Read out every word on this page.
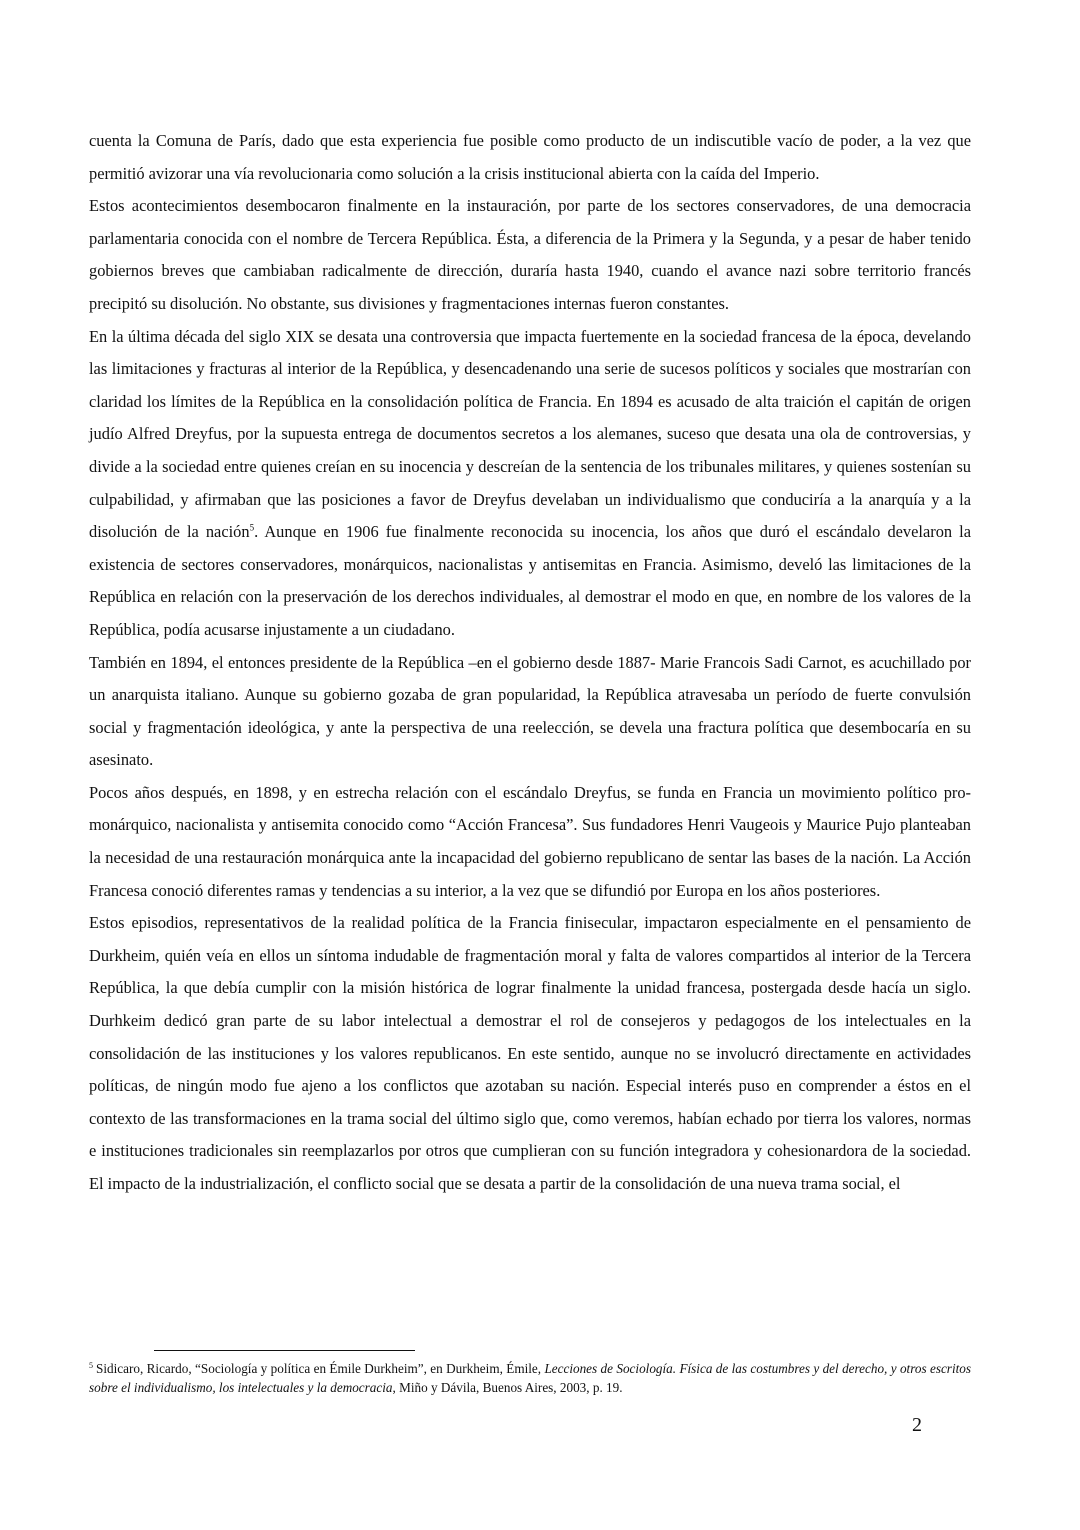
cuenta la Comuna de París, dado que esta experiencia fue posible como producto de un indiscutible vacío de poder, a la vez que permitió avizorar una vía revolucionaria como solución a la crisis institucional abierta con la caída del Imperio.

Estos acontecimientos desembocaron finalmente en la instauración, por parte de los sectores conservadores, de una democracia parlamentaria conocida con el nombre de Tercera República. Ésta, a diferencia de la Primera y la Segunda, y a pesar de haber tenido gobiernos breves que cambiaban radicalmente de dirección, duraría hasta 1940, cuando el avance nazi sobre territorio francés precipitó su disolución. No obstante, sus divisiones y fragmentaciones internas fueron constantes.

En la última década del siglo XIX se desata una controversia que impacta fuertemente en la sociedad francesa de la época, develando las limitaciones y fracturas al interior de la República, y desencadenando una serie de sucesos políticos y sociales que mostrarían con claridad los límites de la República en la consolidación política de Francia. En 1894 es acusado de alta traición el capitán de origen judío Alfred Dreyfus, por la supuesta entrega de documentos secretos a los alemanes, suceso que desata una ola de controversias, y divide a la sociedad entre quienes creían en su inocencia y descreían de la sentencia de los tribunales militares, y quienes sostenían su culpabilidad, y afirmaban que las posiciones a favor de Dreyfus develaban un individualismo que conduciría a la anarquía y a la disolución de la nación$^5$. Aunque en 1906 fue finalmente reconocida su inocencia, los años que duró el escándalo develaron la existencia de sectores conservadores, monárquicos, nacionalistas y antisemitas en Francia. Asimismo, develó las limitaciones de la República en relación con la preservación de los derechos individuales, al demostrar el modo en que, en nombre de los valores de la República, podía acusarse injustamente a un ciudadano.

También en 1894, el entonces presidente de la República –en el gobierno desde 1887- Marie Francois Sadi Carnot, es acuchillado por un anarquista italiano. Aunque su gobierno gozaba de gran popularidad, la República atravesaba un período de fuerte convulsión social y fragmentación ideológica, y ante la perspectiva de una reelección, se devela una fractura política que desembocaría en su asesinato.

Pocos años después, en 1898, y en estrecha relación con el escándalo Dreyfus, se funda en Francia un movimiento político pro-monárquico, nacionalista y antisemita conocido como “Acción Francesa”. Sus fundadores Henri Vaugeois y Maurice Pujo planteaban la necesidad de una restauración monárquica ante la incapacidad del gobierno republicano de sentar las bases de la nación. La Acción Francesa conoció diferentes ramas y tendencias a su interior, a la vez que se difundió por Europa en los años posteriores.

Estos episodios, representativos de la realidad política de la Francia finisecular, impactaron especialmente en el pensamiento de Durkheim, quién veía en ellos un síntoma indudable de fragmentación moral y falta de valores compartidos al interior de la Tercera República, la que debía cumplir con la misión histórica de lograr finalmente la unidad francesa, postergada desde hacía un siglo. Durhkeim dedicó gran parte de su labor intelectual a demostrar el rol de consejeros y pedagogos de los intelectuales en la consolidación de las instituciones y los valores republicanos. En este sentido, aunque no se involucró directamente en actividades políticas, de ningún modo fue ajeno a los conflictos que azotaban su nación. Especial interés puso en comprender a éstos en el contexto de las transformaciones en la trama social del último siglo que, como veremos, habían echado por tierra los valores, normas e instituciones tradicionales sin reemplazarlos por otros que cumplieran con su función integradora y cohesionardora de la sociedad. El impacto de la industrialización, el conflicto social que se desata a partir de la consolidación de una nueva trama social, el

$^5$ Sidicaro, Ricardo, “Sociología y política en Émile Durkheim”, en Durkheim, Émile, Lecciones de Sociología. Física de las costumbres y del derecho, y otros escritos sobre el individualismo, los intelectuales y la democracia, Miño y Dávila, Buenos Aires, 2003, p. 19.
2
